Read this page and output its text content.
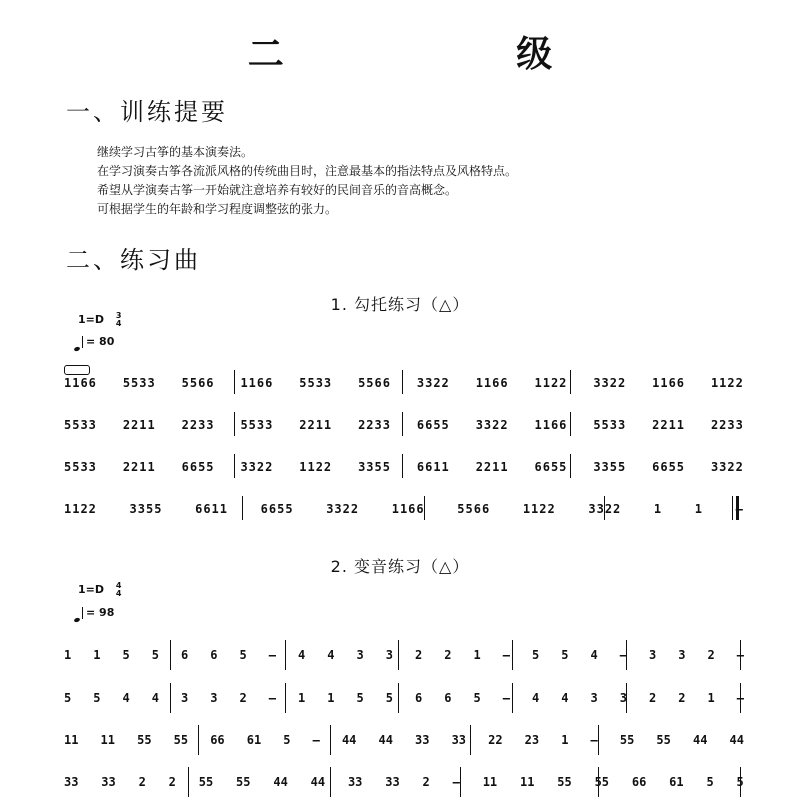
二 级
一、训练提要
继续学习古筝的基本演奏法。
在学习演奏古筝各流派风格的传统曲目时，注意最基本的指法特点及风格特点。
希望从学演奏古筝一开始就注意培养有较好的民间音乐的音高概念。
可根据学生的年龄和学习程度调整弦的张力。
二、练习曲
1. 勾托练习（△）
1=D 3
4
= 80
1166 5533 5566 1166 5533 5566 3322 1166 1122 3322 1166 1122
5533 2211 2233 5533 2211 2233 6655 3322 1166 5533 2211 2233
5533 2211 6655 3322 1122 3355 6611 2211 6655 3355 6655 3322
1122	3355	6611	6655	3322	1166	5566	1122	3322	1	1	–
2. 变音练习（△）
1=D 4
4
= 98
1 1 5 5 6 6 5 – 4 4 3 3 2 2 1 – 5 5 4 – 3 3 2 –
5 5 4 4 3 3 2 – 1 1 5 5 6 6 5 – 4 4 3 3 2 2 1 –
11 11 55 55 66 61 5 – 44 44 33 33 22 23 1 – 55 55 44 44
33 33 2 2 55 55 44 44 33 33 2 – 11 11 55 55 66 61 5 5
